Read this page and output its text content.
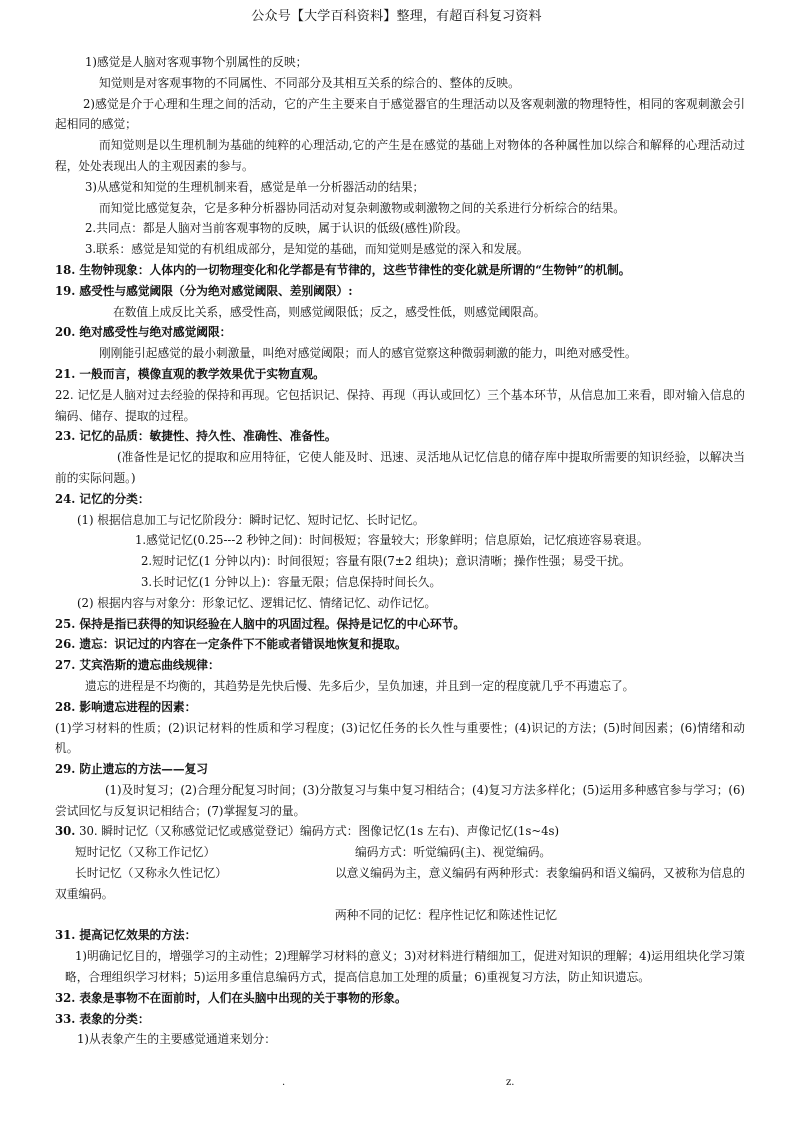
公众号【大学百科资料】整理，有超百科复习资料
1)感觉是人脑对客观事物个别属性的反映；
知觉则是对客观事物的不同属性、不同部分及其相互关系的综合的、整体的反映。
2)感觉是介于心理和生理之间的活动，它的产生主要来自于感觉器官的生理活动以及客观刺激的物理特性，相同的客观刺激会引起相同的感觉；
而知觉则是以生理机制为基础的纯粹的心理活动,它的产生是在感觉的基础上对物体的各种属性加以综合和解释的心理活动过程，处处表现出人的主观因素的参与。
3)从感觉和知觉的生理机制来看，感觉是单一分析器活动的结果；
而知觉比感觉复杂，它是多种分析器协同活动对复杂刺激物或刺激物之间的关系进行分析综合的结果。
2.共同点：都是人脑对当前客观事物的反映，属于认识的低级(感性)阶段。
3.联系：感觉是知觉的有机组成部分，是知觉的基础，而知觉则是感觉的深入和发展。
18. 生物钟现象：人体内的一切物理变化和化学都是有节律的，这些节律性的变化就是所谓的“生物钟”的机制。
19. 感受性与感觉阈限（分为绝对感觉阈限、差别阈限）:
在数值上成反比关系，感受性高，则感觉阈限低；反之，感受性低，则感觉阈限高。
20. 绝对感受性与绝对感觉阈限：
刚刚能引起感觉的最小刺激量，叫绝对感觉阈限；而人的感官觉察这种微弱刺激的能力，叫绝对感受性。
21. 一般而言，模像直观的教学效果优于实物直观。
22. 记忆是人脑对过去经验的保持和再现。它包括识记、保持、再现（再认或回忆）三个基本环节，从信息加工来看，即对输入信息的编码、储存、提取的过程。
23. 记忆的品质：敏捷性、持久性、准确性、准备性。
(准备性是记忆的提取和应用特征，它使人能及时、迅速、灵活地从记忆信息的储存库中提取所需要的知识经验，以解决当前的实际问题。)
24. 记忆的分类：
(1) 根据信息加工与记忆阶段分：瞬时记忆、短时记忆、长时记忆。
1.感觉记忆(0.25---2 秒钟之间)：时间极短；容量较大；形象鲜明；信息原始，记忆痕迹容易衰退。
2.短时记忆(1 分钟以内)：时间很短；容量有限(7±2 组块)；意识清晰；操作性强；易受干扰。
3.长时记忆(1 分钟以上)：容量无限；信息保持时间长久。
(2) 根据内容与对象分：形象记忆、逻辑记忆、情绪记忆、动作记忆。
25. 保持是指已获得的知识经验在人脑中的巩固过程。保持是记忆的中心环节。
26. 遗忘：识记过的内容在一定条件下不能或者错误地恢复和提取。
27. 艾宾浩斯的遗忘曲线规律：
遗忘的进程是不均衡的，其趋势是先快后慢、先多后少，呈负加速，并且到一定的程度就几乎不再遗忘了。
28. 影响遗忘进程的因素：
(1)学习材料的性质；(2)识记材料的性质和学习程度；(3)记忆任务的长久性与重要性；(4)识记的方法；(5)时间因素；(6)情绪和动机。
29. 防止遗忘的方法——复习
(1)及时复习；(2)合理分配复习时间；(3)分散复习与集中复习相结合；(4)复习方法多样化；(5)运用多种感官参与学习；(6)尝试回忆与反复识记相结合；(7)掌握复习的量。
30. 30. 瞬时记忆（又称感觉记忆或感觉登记）编码方式：图像记忆(1s 左右)、声像记忆(1s~4s)
短时记忆（又称工作记忆）	编码方式：听觉编码(主)、视觉编码。
长时记忆（又称永久性记忆）	以意义编码为主，意义编码有两种形式：表象编码和语义编码，又被称为信息的双重编码。
两种不同的记忆：程序性记忆和陈述性记忆
31. 提高记忆效果的方法：
1)明确记忆目的，增强学习的主动性；2)理解学习材料的意义；3)对材料进行精细加工，促进对知识的理解；4)运用组块化学习策略，合理组织学习材料；5)运用多重信息编码方式，提高信息加工处理的质量；6)重视复习方法，防止知识遗忘。
32. 表象是事物不在面前时，人们在头脑中出现的关于事物的形象。
33. 表象的分类：
1)从表象产生的主要感觉通道来划分：
.	z.
